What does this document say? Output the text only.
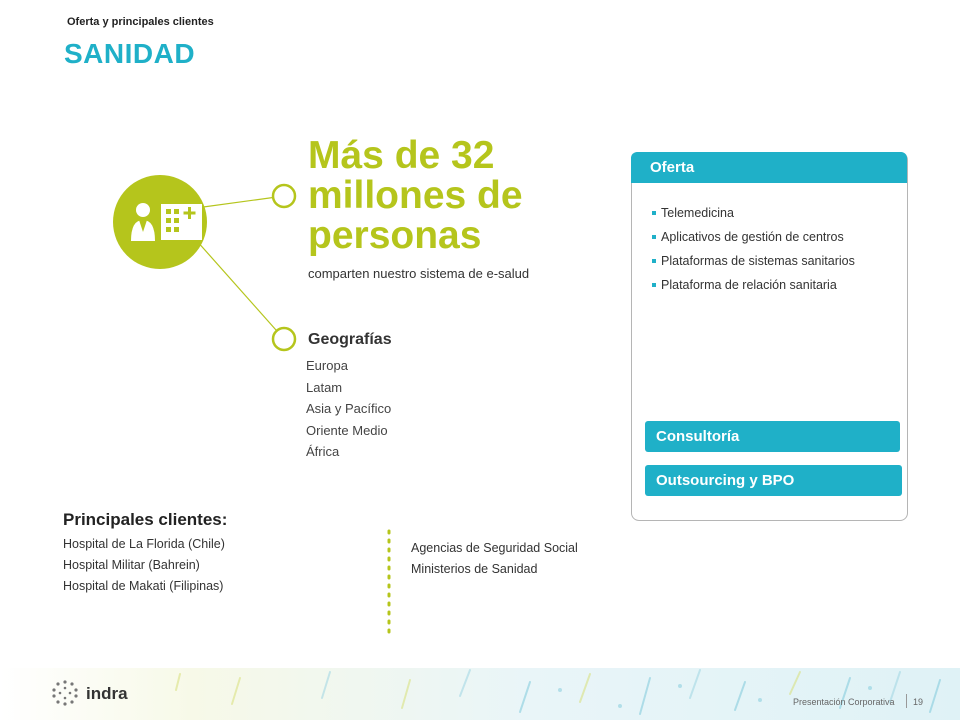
Oferta y principales clientes
SANIDAD
Más de 32
millones de
personas
comparten nuestro sistema de e-salud
Geografías
Europa
Latam
Asia y Pacífico
Oriente Medio
África
Principales clientes:
Hospital de La Florida (Chile)
Hospital Militar (Bahrein)
Hospital de Makati (Filipinas)
Agencias de Seguridad Social
Ministerios de Sanidad
Oferta
Telemedicina
Aplicativos de gestión de centros
Plataformas de sistemas sanitarios
Plataforma de relación sanitaria
Consultoría
Outsourcing y BPO
indra	Presentación Corporativa	19
